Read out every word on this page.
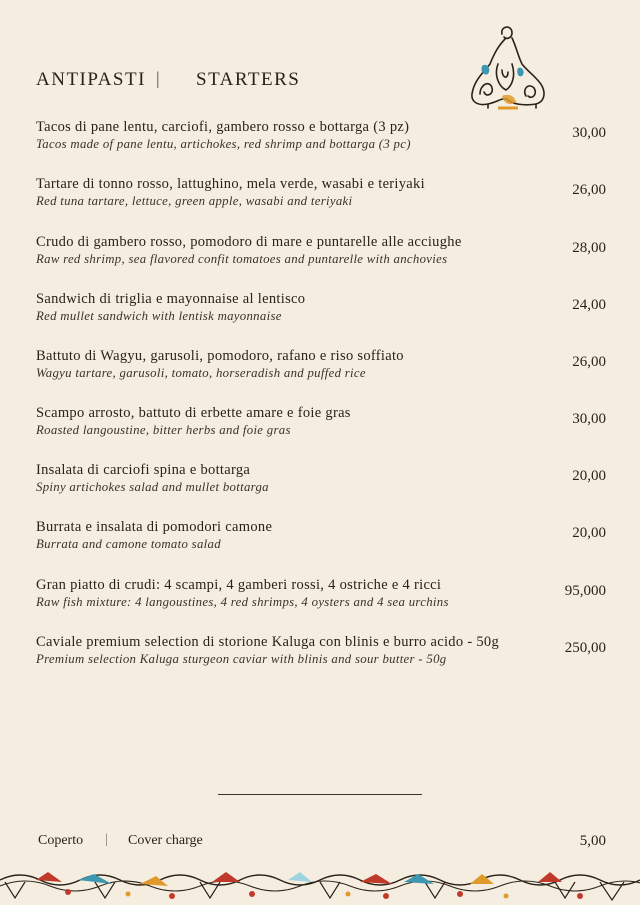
ANTIPASTI | STARTERS
Tacos di pane lentu, carciofi, gambero rosso e bottarga (3 pz)
Tacos made of pane lentu, artichokes, red shrimp and bottarga (3 pc)
30,00
Tartare di tonno rosso, lattughino, mela verde, wasabi e teriyaki
Red tuna tartare, lettuce, green apple, wasabi and teriyaki
26,00
Crudo di gambero rosso, pomodoro di mare e puntarelle alle acciughe
Raw red shrimp, sea flavored confit tomatoes and puntarelle with anchovies
28,00
Sandwich di triglia e mayonnaise al lentisco
Red mullet sandwich with lentisk mayonnaise
24,00
Battuto di Wagyu, garusoli, pomodoro, rafano e riso soffiato
Wagyu tartare, garusoli, tomato, horseradish and puffed rice
26,00
Scampo arrosto, battuto di erbette amare e foie gras
Roasted langoustine, bitter herbs and foie gras
30,00
Insalata di carciofi spina e bottarga
Spiny artichokes salad and mullet bottarga
20,00
Burrata e insalata di pomodori camone
Burrata and camone tomato salad
20,00
Gran piatto di crudi: 4 scampi, 4 gamberi rossi, 4 ostriche e 4 ricci
Raw fish mixture: 4 langoustines, 4 red shrimps, 4 oysters and 4 sea urchins
95,000
Caviale premium selection di storione Kaluga con blinis e burro acido - 50g
Premium selection Kaluga sturgeon caviar with blinis and sour butter - 50g
250,00
Coperto | Cover charge	5,00
